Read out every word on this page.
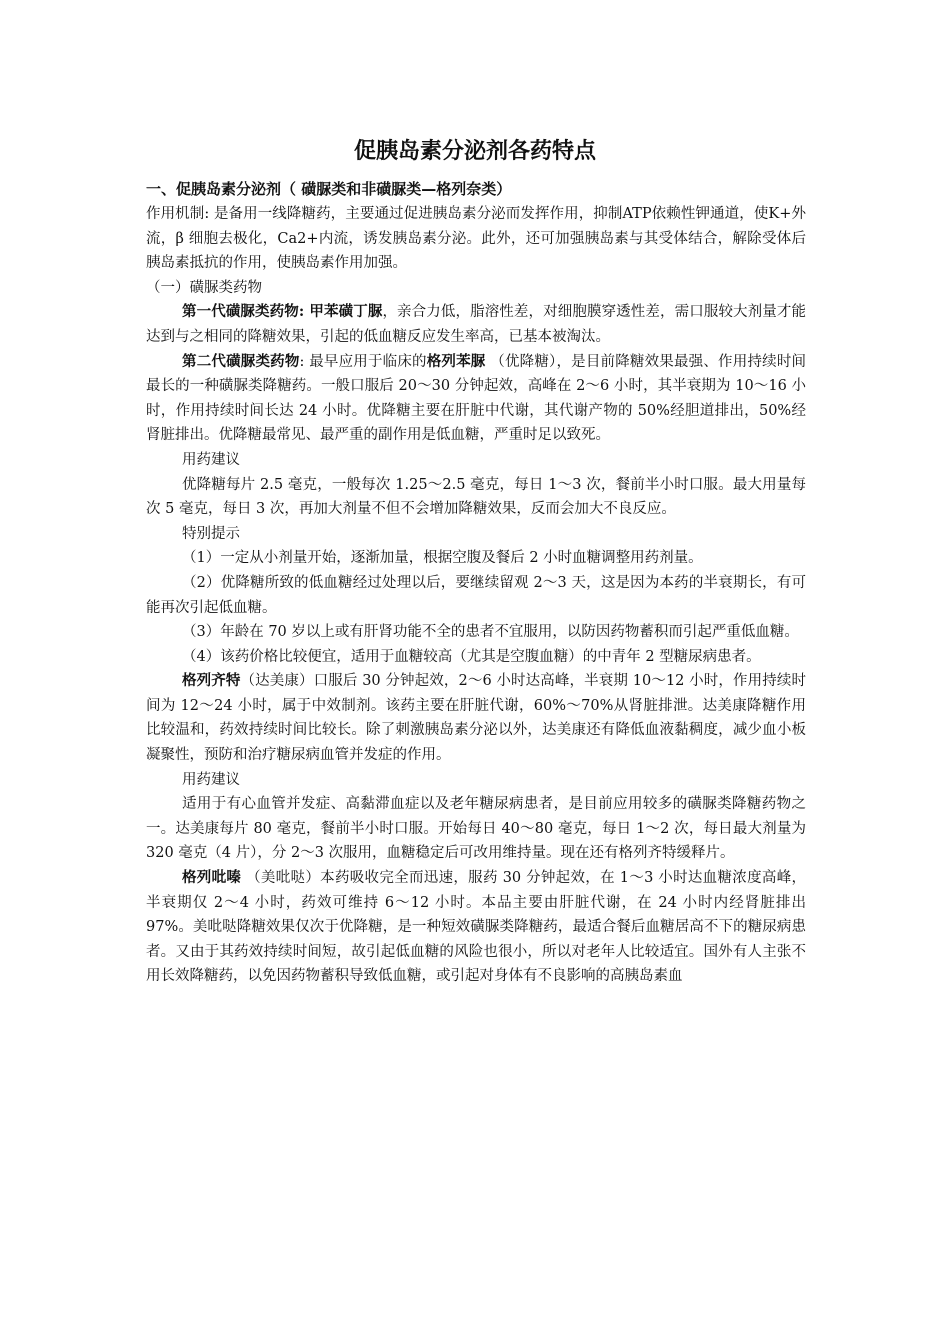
促胰岛素分泌剂各药特点
一、促胰岛素分泌剂（ 磺脲类和非磺脲类—格列奈类）

作用机制: 是备用一线降糖药，主要通过促进胰岛素分泌而发挥作用，抑制ATP依赖性钾通道，使K+外流，β 细胞去极化，Ca2+内流，诱发胰岛素分泌。此外，还可加强胰岛素与其受体结合，解除受体后胰岛素抵抗的作用，使胰岛素作用加强。

（一）磺脲类药物

第一代磺脲类药物: 甲苯磺丁脲，亲合力低，脂溶性差，对细胞膜穿透性差，需口服较大剂量才能达到与之相同的降糖效果，引起的低血糖反应发生率高，已基本被淘汰。

第二代磺脲类药物: 最早应用于临床的格列苯脲 （优降糖），是目前降糖效果最强、作用持续时间最长的一种磺脲类降糖药。一般口服后 20～30 分钟起效，高峰在 2～6 小时，其半衰期为 10～16 小时，作用持续时间长达 24 小时。优降糖主要在肝脏中代谢，其代谢产物的 50%经胆道排出，50%经肾脏排出。优降糖最常见、最严重的副作用是低血糖，严重时足以致死。

用药建议

优降糖每片 2.5 毫克，一般每次 1.25～2.5 毫克，每日 1～3 次，餐前半小时口服。最大用量每次 5 毫克，每日 3 次，再加大剂量不但不会增加降糖效果，反而会加大不良反应。

特别提示

（1）一定从小剂量开始，逐渐加量，根据空腹及餐后 2 小时血糖调整用药剂量。

（2）优降糖所致的低血糖经过处理以后，要继续留观 2～3 天，这是因为本药的半衰期长，有可能再次引起低血糖。

（3）年龄在 70 岁以上或有肝肾功能不全的患者不宜服用，以防因药物蓄积而引起严重低血糖。

（4）该药价格比较便宜，适用于血糖较高（尤其是空腹血糖）的中青年 2 型糖尿病患者。

格列齐特（达美康）口服后 30 分钟起效，2～6 小时达高峰，半衰期 10～12 小时，作用持续时间为 12～24 小时，属于中效制剂。该药主要在肝脏代谢，60%～70%从肾脏排泄。达美康降糖作用比较温和，药效持续时间比较长。除了刺激胰岛素分泌以外，达美康还有降低血液黏稠度，减少血小板凝聚性，预防和治疗糖尿病血管并发症的作用。

用药建议

适用于有心血管并发症、高黏滞血症以及老年糖尿病患者，是目前应用较多的磺脲类降糖药物之一。达美康每片 80 毫克，餐前半小时口服。开始每日 40～80 毫克，每日 1～2 次，每日最大剂量为 320 毫克（4 片），分 2～3 次服用，血糖稳定后可改用维持量。现在还有格列齐特缓释片。

格列吡嗪 （美吡哒）本药吸收完全而迅速，服药 30 分钟起效，在 1～3 小时达血糖浓度高峰，半衰期仅 2～4 小时，药效可维持 6～12 小时。本品主要由肝脏代谢，在 24 小时内经肾脏排出 97%。美吡哒降糖效果仅次于优降糖，是一种短效磺脲类降糖药，最适合餐后血糖居高不下的糖尿病患者。又由于其药效持续时间短，故引起低血糖的风险也很小，所以对老年人比较适宜。国外有人主张不用长效降糖药，以免因药物蓄积导致低血糖，或引起对身体有不良影响的高胰岛素血
